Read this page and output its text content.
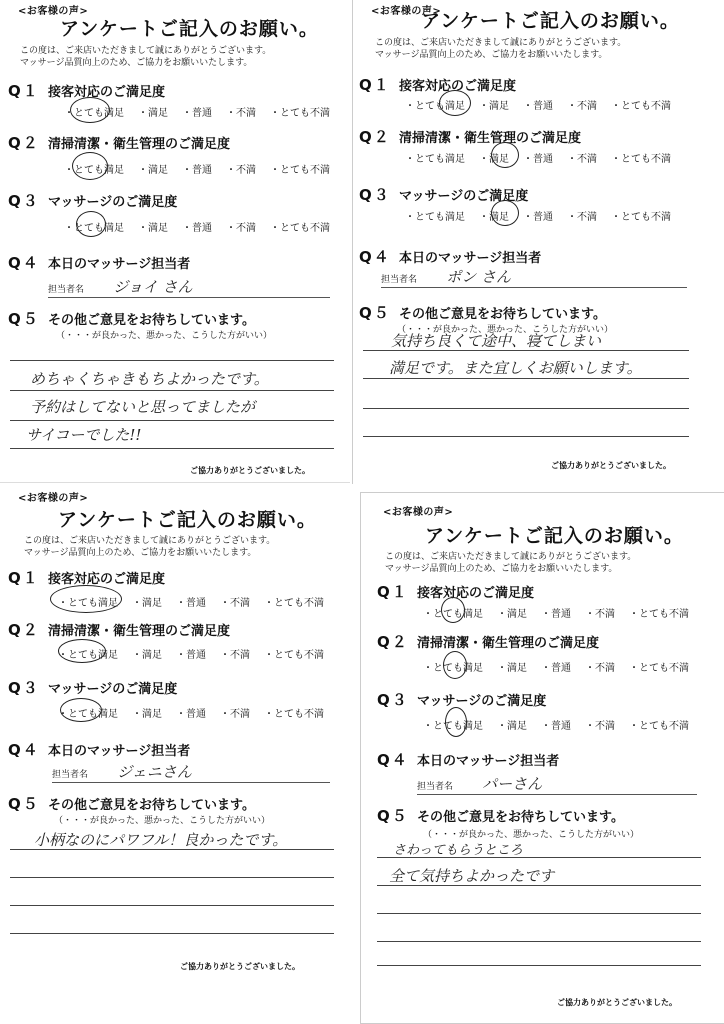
<お客様の声>
アンケートご記入のお願い。
この度は、ご来店いただきまして誠にありがとうございます。
マッサージ品質向上のため、ご協力をお願いいたします。
Q１ 接客対応のご満足度
・とても満足 ・満足 ・普通 ・不満 ・とても不満
Q２ 清掃清潔・衛生管理のご満足度
・とても満足 ・満足 ・普通 ・不満 ・とても不満
Q３ マッサージのご満足度
・とても満足 ・満足 ・普通 ・不満 ・とても不満
Q４ 本日のマッサージ担当者
担当者名 ジョイ さん
Q５ その他ご意見をお待ちしています。
（・・・が良かった、悪かった、こうした方がいい）
めちゃくちゃきもちよかったです。
予約はしてないと思ってましたが
サイコーでした!!
ご協力ありがとうございました。
<お客様の声>
アンケートご記入のお願い。
この度は、ご来店いただきまして誠にありがとうございます。
マッサージ品質向上のため、ご協力をお願いいたします。
Q１ 接客対応のご満足度
・とても満足 ・満足 ・普通 ・不満 ・とても不満
Q２ 清掃清潔・衛生管理のご満足度
・とても満足 ・満足 ・普通 ・不満 ・とても不満
Q３ マッサージのご満足度
・とても満足 ・満足 ・普通 ・不満 ・とても不満
Q４ 本日のマッサージ担当者
担当者名 ポン さん
Q５ その他ご意見をお待ちしています。
（・・・が良かった、悪かった、こうした方がいい）
気持ち良くて途中、寝てしまい
満足です。また宜しくお願いします。
ご協力ありがとうございました。
<お客様の声>
アンケートご記入のお願い。
この度は、ご来店いただきまして誠にありがとうございます。
マッサージ品質向上のため、ご協力をお願いいたします。
Q１ 接客対応のご満足度
・とても満足 ・満足 ・普通 ・不満 ・とても不満
Q２ 清掃清潔・衛生管理のご満足度
・とても満足 ・満足 ・普通 ・不満 ・とても不満
Q３ マッサージのご満足度
・とても満足 ・満足 ・普通 ・不満 ・とても不満
Q４ 本日のマッサージ担当者
担当者名 ジェニさん
Q５ その他ご意見をお待ちしています。
（・・・が良かった、悪かった、こうした方がいい）
小柄なのにパワフル！良かったです。
ご協力ありがとうございました。
<お客様の声>
アンケートご記入のお願い。
この度は、ご来店いただきまして誠にありがとうございます。
マッサージ品質向上のため、ご協力をお願いいたします。
Q１ 接客対応のご満足度
・とても満足 ・満足 ・普通 ・不満 ・とても不満
Q２ 清掃清潔・衛生管理のご満足度
・とても満足 ・満足 ・普通 ・不満 ・とても不満
Q３ マッサージのご満足度
・とても満足 ・満足 ・普通 ・不満 ・とても不満
Q４ 本日のマッサージ担当者
担当者名 パーさん
Q５ その他ご意見をお待ちしています。
（・・・が良かった、悪かった、こうした方がいい）
さわってもらうところ
全て気持ちよかったです
ご協力ありがとうございました。
